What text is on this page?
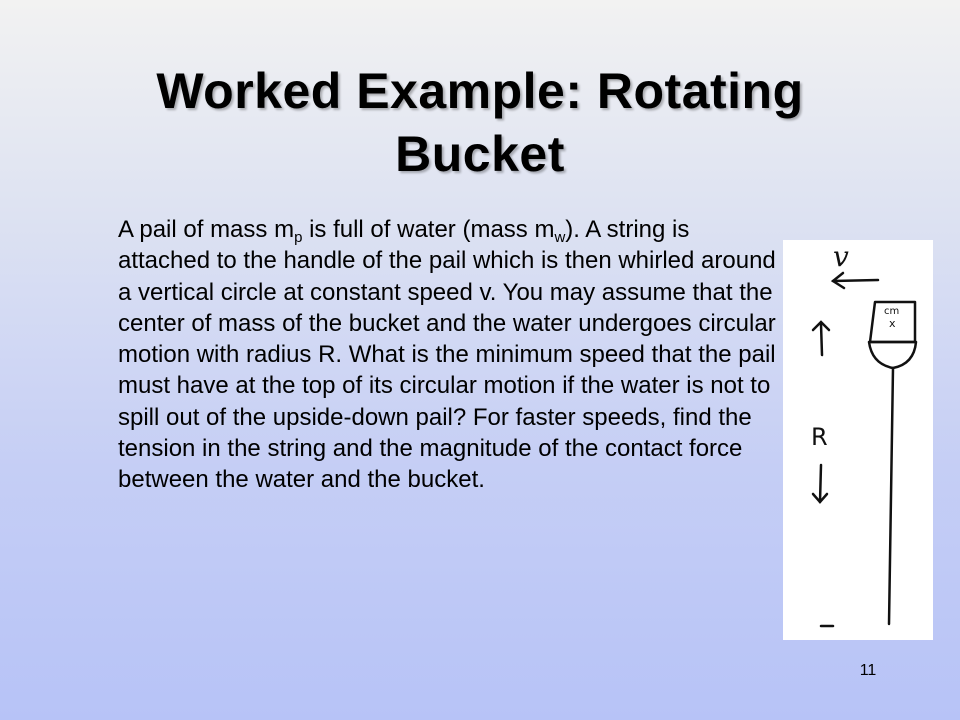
Worked Example: Rotating
Bucket
A pail of mass $m_p$ is full of water (mass $m_w$). A string is attached to the handle of the pail which is then whirled around a vertical circle at constant speed v. You may assume that the center of mass of the bucket and the water undergoes circular motion with radius R. What is the minimum speed that the pail must have at the top of its circular motion if the water is not to spill out of the upside-down pail? For faster speeds, find the tension in the string and the magnitude of the contact force between the water and the bucket.
v
cm
x
R
11
